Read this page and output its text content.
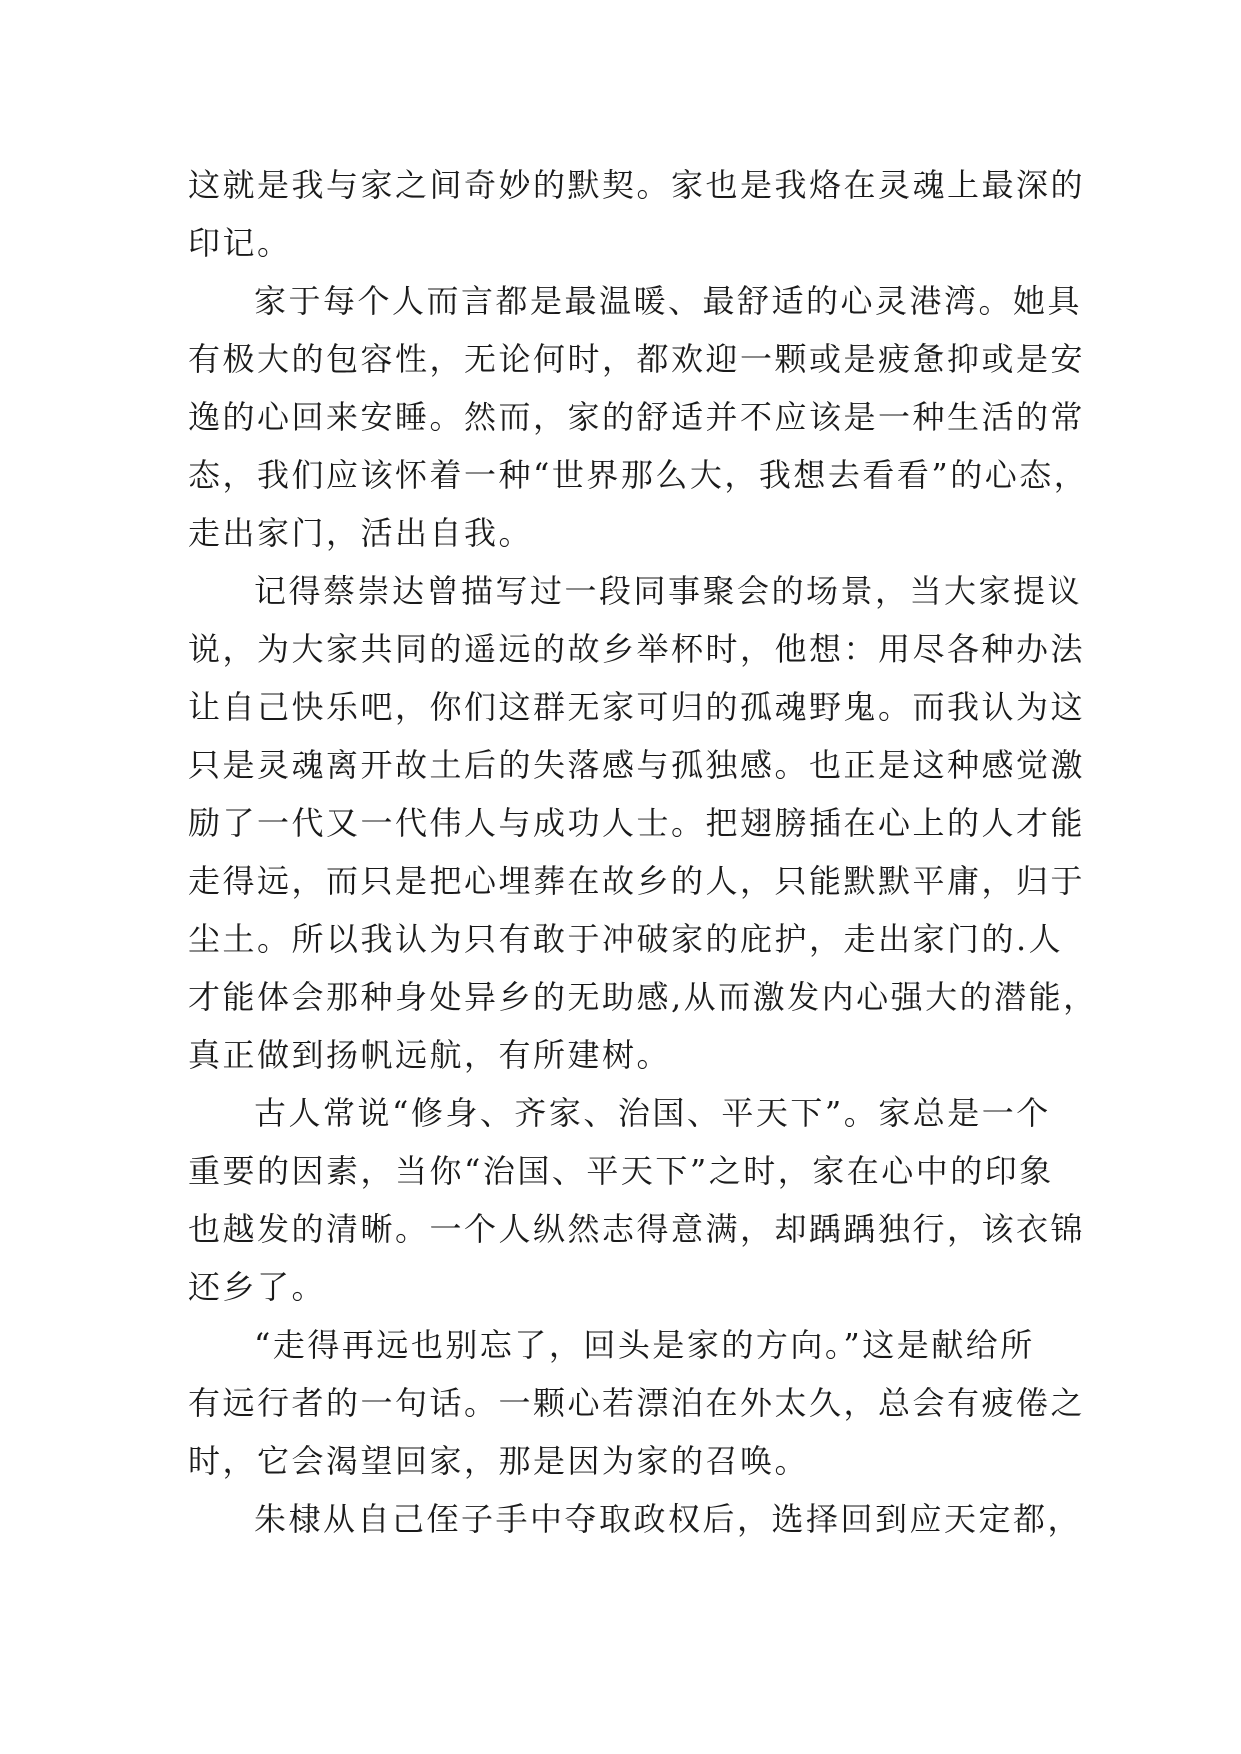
这就是我与家之间奇妙的默契。家也是我烙在灵魂上最深的
印记。
家于每个人而言都是最温暖、最舒适的心灵港湾。她具
有极大的包容性，无论何时，都欢迎一颗或是疲惫抑或是安
逸的心回来安睡。然而，家的舒适并不应该是一种生活的常
态，我们应该怀着一种“世界那么大，我想去看看”的心态，
走出家门，活出自我。
记得蔡崇达曾描写过一段同事聚会的场景，当大家提议
说，为大家共同的遥远的故乡举杯时，他想：用尽各种办法
让自己快乐吧，你们这群无家可归的孤魂野鬼。而我认为这
只是灵魂离开故土后的失落感与孤独感。也正是这种感觉激
励了一代又一代伟人与成功人士。把翅膀插在心上的人才能
走得远，而只是把心埋葬在故乡的人，只能默默平庸，归于
尘土。所以我认为只有敢于冲破家的庇护，走出家门的.人
才能体会那种身处异乡的无助感,从而激发内心强大的潜能，
真正做到扬帆远航，有所建树。
古人常说“修身、齐家、治国、平天下”。家总是一个
重要的因素，当你“治国、平天下”之时，家在心中的印象
也越发的清晰。一个人纵然志得意满，却踽踽独行，该衣锦
还乡了。
“走得再远也别忘了，回头是家的方向。”这是献给所
有远行者的一句话。一颗心若漂泊在外太久，总会有疲倦之
时，它会渴望回家，那是因为家的召唤。
朱棣从自己侄子手中夺取政权后，选择回到应天定都，
